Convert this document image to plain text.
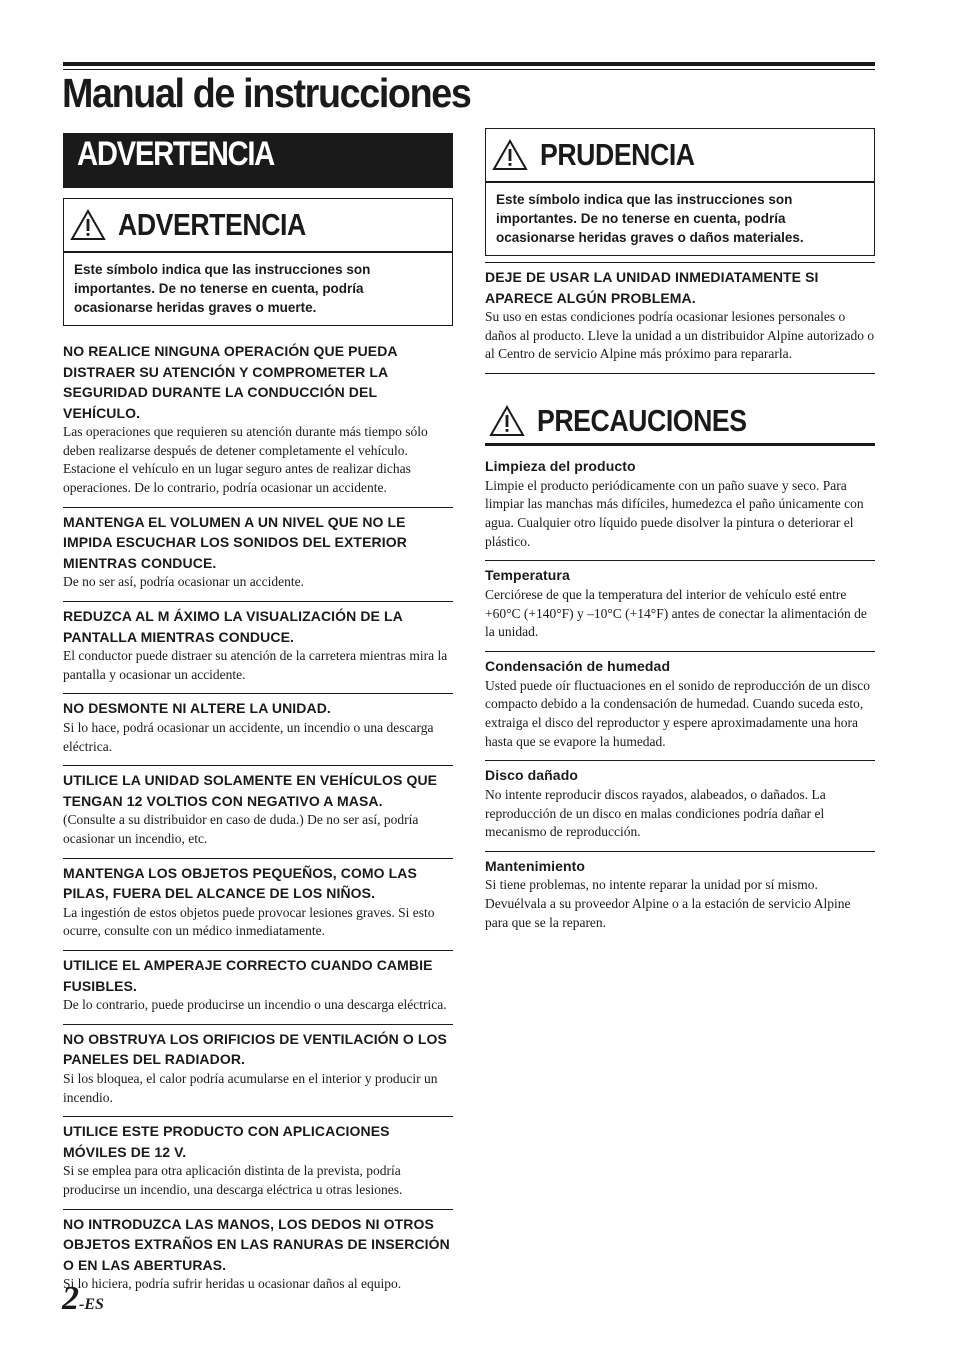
Manual de instrucciones
ADVERTENCIA
ADVERTENCIA
Este símbolo indica que las instrucciones son importantes. De no tenerse en cuenta, podría ocasionarse heridas graves o muerte.
NO REALICE NINGUNA OPERACIÓN QUE PUEDA DISTRAER SU ATENCIÓN Y COMPROMETER LA SEGURIDAD DURANTE LA CONDUCCIÓN DEL VEHÍCULO.

Las operaciones que requieren su atención durante más tiempo sólo deben realizarse después de detener completamente el vehículo. Estacione el vehículo en un lugar seguro antes de realizar dichas operaciones. De lo contrario, podría ocasionar un accidente.

MANTENGA EL VOLUMEN A UN NIVEL QUE NO LE IMPIDA ESCUCHAR LOS SONIDOS DEL EXTERIOR MIENTRAS CONDUCE.

De no ser así, podría ocasionar un accidente.

REDUZCA AL M ÁXIMO LA VISUALIZACIÓN DE LA PANTALLA MIENTRAS CONDUCE.

El conductor puede distraer su atención de la carretera mientras mira la pantalla y ocasionar un accidente.

NO DESMONTE NI ALTERE LA UNIDAD.

Si lo hace, podrá ocasionar un accidente, un incendio o una descarga eléctrica.

UTILICE LA UNIDAD SOLAMENTE EN VEHÍCULOS QUE TENGAN 12 VOLTIOS CON NEGATIVO A MASA.

(Consulte a su distribuidor en caso de duda.) De no ser así, podría ocasionar un incendio, etc.

MANTENGA LOS OBJETOS PEQUEÑOS, COMO LAS PILAS, FUERA DEL ALCANCE DE LOS NIÑOS.

La ingestión de estos objetos puede provocar lesiones graves. Si esto ocurre, consulte con un médico inmediatamente.

UTILICE EL AMPERAJE CORRECTO CUANDO CAMBIE FUSIBLES.

De lo contrario, puede producirse un incendio o una descarga eléctrica.

NO OBSTRUYA LOS ORIFICIOS DE VENTILACIÓN O LOS PANELES DEL RADIADOR.

Si los bloquea, el calor podría acumularse en el interior y producir un incendio.

UTILICE ESTE PRODUCTO CON APLICACIONES MÓVILES DE 12 V.

Si se emplea para otra aplicación distinta de la prevista, podría producirse un incendio, una descarga eléctrica u otras lesiones.

NO INTRODUZCA LAS MANOS, LOS DEDOS NI OTROS OBJETOS EXTRAÑOS EN LAS RANURAS DE INSERCIÓN O EN LAS ABERTURAS.

Si lo hiciera, podría sufrir heridas u ocasionar daños al equipo.

PRUDENCIA
Este símbolo indica que las instrucciones son importantes. De no tenerse en cuenta, podría ocasionarse heridas graves o daños materiales.
DEJE DE USAR LA UNIDAD INMEDIATAMENTE SI APARECE ALGÚN PROBLEMA.

Su uso en estas condiciones podría ocasionar lesiones personales o daños al producto. Lleve la unidad a un distribuidor Alpine autorizado o al Centro de servicio Alpine más próximo para repararla.

PRECAUCIONES
Limpieza del producto

Limpie el producto periódicamente con un paño suave y seco. Para limpiar las manchas más difíciles, humedezca el paño únicamente con agua. Cualquier otro líquido puede disolver la pintura o deteriorar el plástico.

Temperatura

Cerciórese de que la temperatura del interior de vehículo esté entre +60°C (+140°F) y –10°C (+14°F) antes de conectar la alimentación de la unidad.

Condensación de humedad

Usted puede oír fluctuaciones en el sonido de reproducción de un disco compacto debido a la condensación de humedad. Cuando suceda esto, extraiga el disco del reproductor y espere aproximadamente una hora hasta que se evapore la humedad.

Disco dañado

No intente reproducir discos rayados, alabeados, o dañados. La reproducción de un disco en malas condiciones podría dañar el mecanismo de reproducción.

Mantenimiento

Si tiene problemas, no intente reparar la unidad por sí mismo. Devuélvala a su proveedor Alpine o a la estación de servicio Alpine para que se la reparen.

2-ES
